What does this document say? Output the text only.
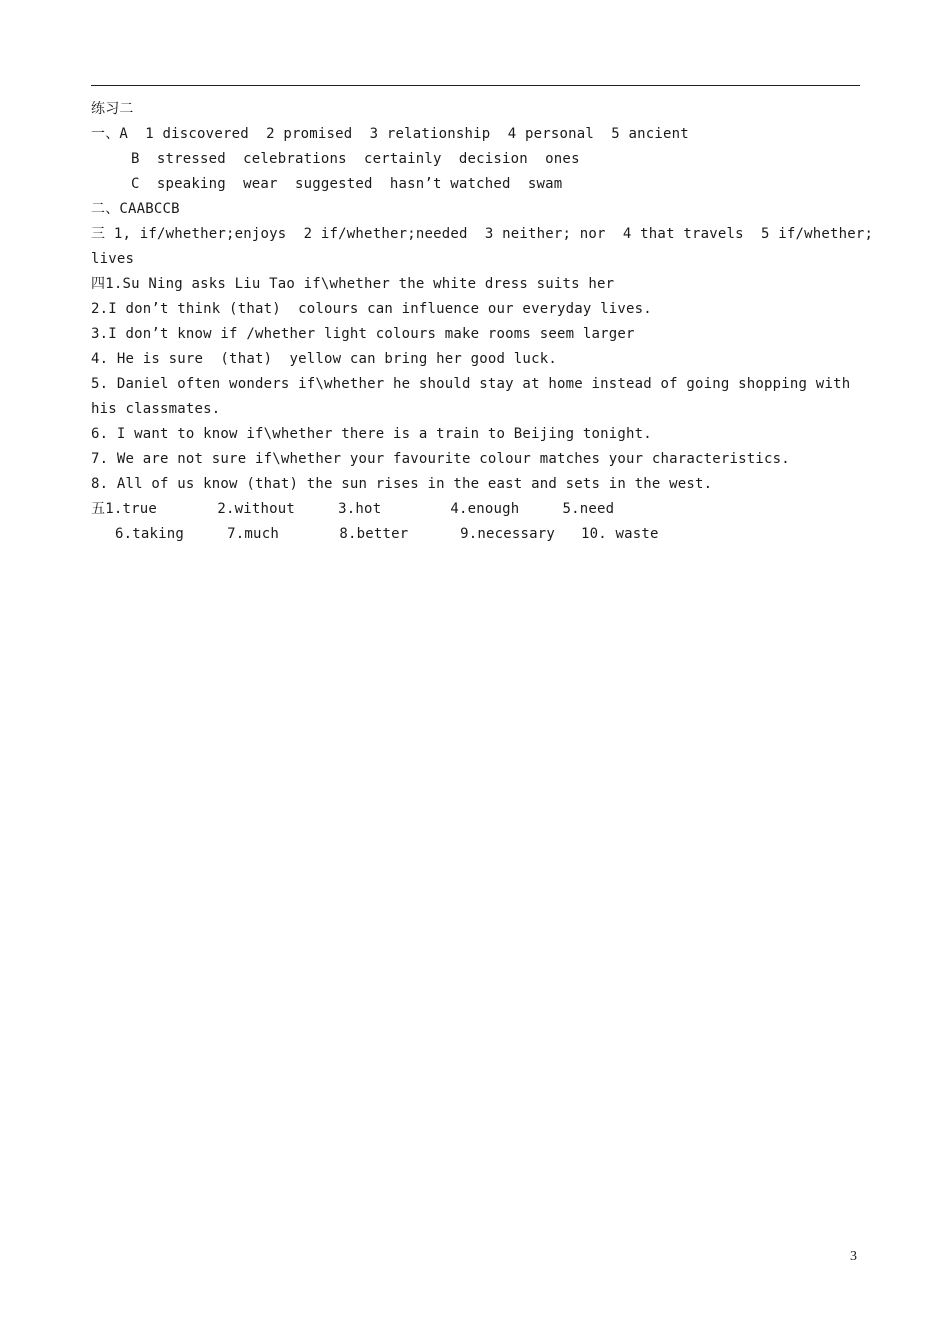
练习二
一、A  1 discovered  2 promised  3 relationship  4 personal  5 ancient
B  stressed  celebrations  certainly  decision  ones
C  speaking  wear  suggested  hasn’t watched  swam
二、CAABCCB
三 1, if/whether;enjoys  2 if/whether;needed  3 neither; nor  4 that travels  5 if/whether;
lives
四1.Su Ning asks Liu Tao if\whether the white dress suits her
2.I don’t think (that)  colours can influence our everyday lives.
3.I don’t know if /whether light colours make rooms seem larger
4. He is sure  (that)  yellow can bring her good luck.
5. Daniel often wonders if\whether he should stay at home instead of going shopping with
his classmates.
6. I want to know if\whether there is a train to Beijing tonight.
7. We are not sure if\whether your favourite colour matches your characteristics.
8. All of us know (that) the sun rises in the east and sets in the west.
五1.true       2.without     3.hot        4.enough     5.need
6.taking     7.much       8.better      9.necessary   10. waste
3
